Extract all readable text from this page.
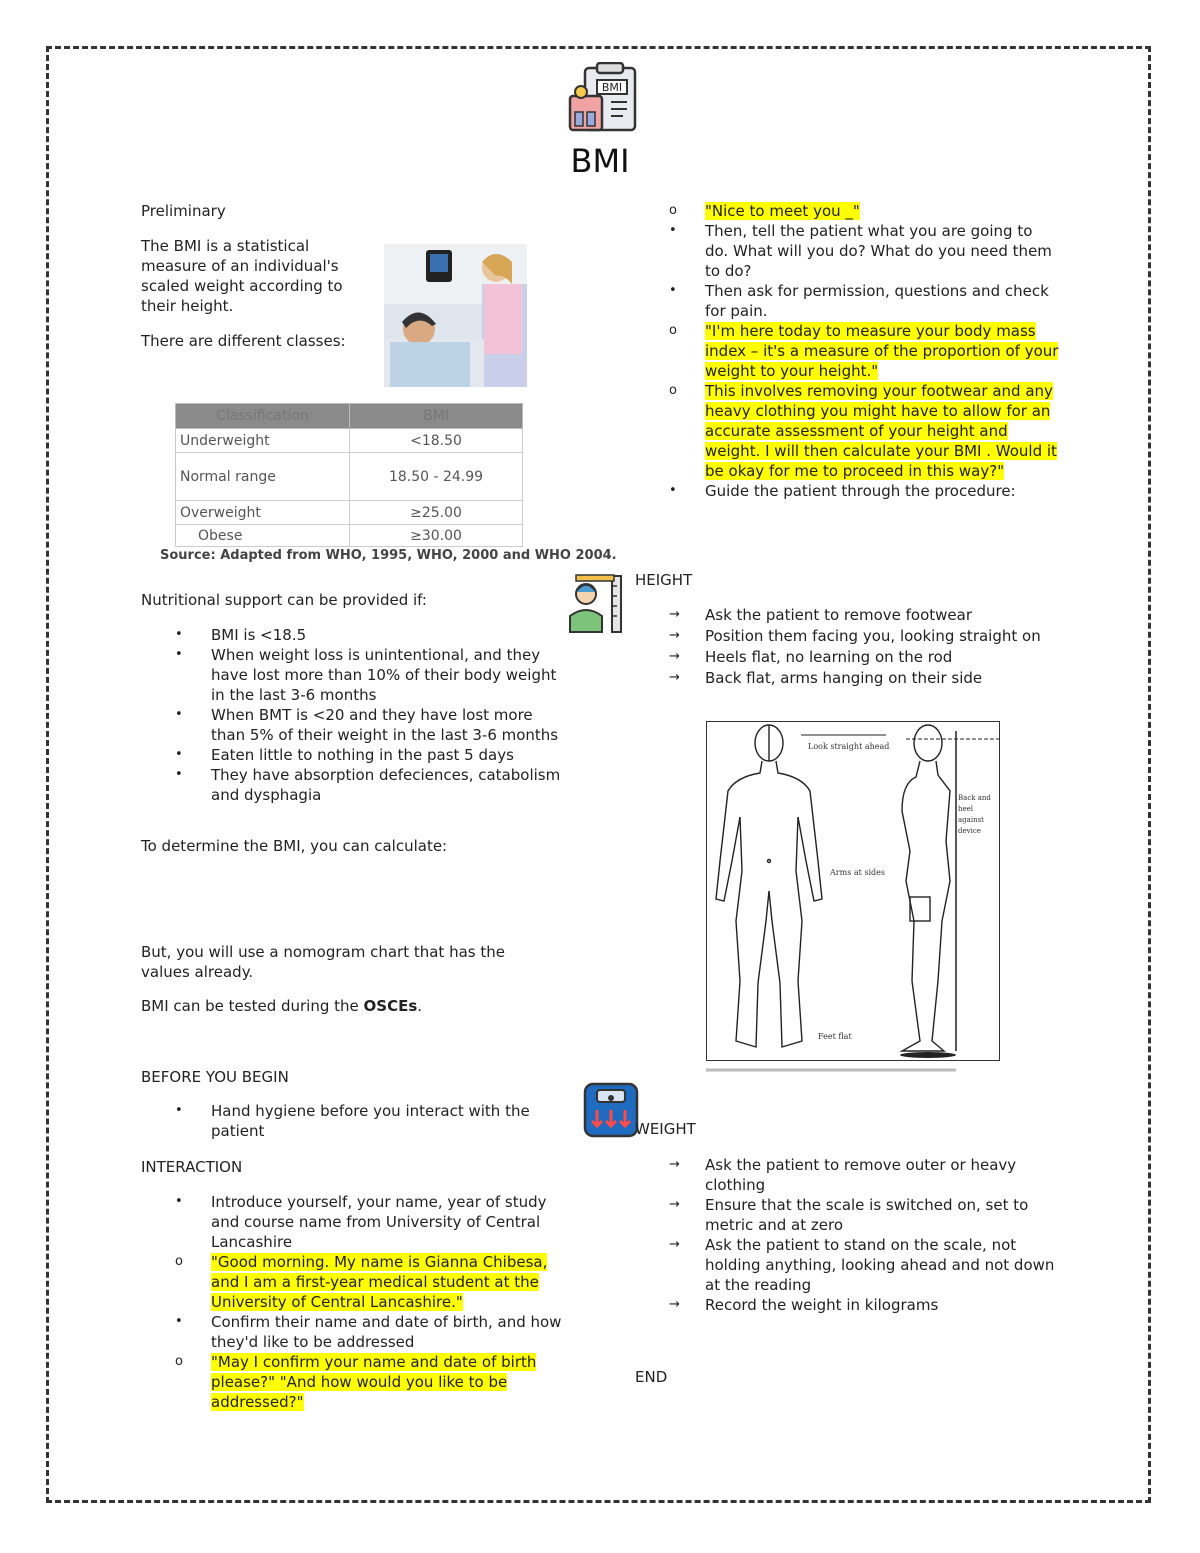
BMI
BMI

Preliminary

The BMI is a statistical measure of an individual's scaled weight according to their height.

There are different classes:

Classification	BMI
Underweight	<18.50
Normal range	18.50 - 24.99
Overweight	≥25.00
Obese	≥30.00
Source: Adapted from WHO, 1995, WHO, 2000 and WHO 2004.

Nutritional support can be provided if:

•	BMI is <18.5
•	When weight loss is unintentional, and they have lost more than 10% of their body weight in the last 3-6 months
•	When BMT is <20 and they have lost more than 5% of their weight in the last 3-6 months
•	Eaten little to nothing in the past 5 days
•	They have absorption defeciences, catabolism and dysphagia

To determine the BMI, you can calculate:

But, you will use a nomogram chart that has the values already.

BMI can be tested during the OSCEs.

BEFORE YOU BEGIN

•	Hand hygiene before you interact with the patient

INTERACTION

•	Introduce yourself, your name, year of study and course name from University of Central Lancashire
o	"Good morning. My name is Gianna Chibesa, and I am a first-year medical student at the University of Central Lancashire."
•	Confirm their name and date of birth, and how they'd like to be addressed
o	"May I confirm your name and date of birth please?" "And how would you like to be addressed?"
o	"Nice to meet you _"
•	Then, tell the patient what you are going to do. What will you do? What do you need them to do?
•	Then ask for permission, questions and check for pain.
o	"I'm here today to measure your body mass index – it's a measure of the proportion of your weight to your height."
o	This involves removing your footwear and any heavy clothing you might have to allow for an accurate assessment of your height and weight. I will then calculate your BMI . Would it be okay for me to proceed in this way?"
•	Guide the patient through the procedure:

HEIGHT

→	Ask the patient to remove footwear
→	Position them facing you, looking straight on
→	Heels flat, no learning on the rod
→	Back flat, arms hanging on their side
Look straight ahead
Arms at sides
Feet flat
Back and heel against device

WEIGHT

→	Ask the patient to remove outer or heavy clothing
→	Ensure that the scale is switched on, set to metric and at zero
→	Ask the patient to stand on the scale, not holding anything, looking ahead and not down at the reading
→	Record the weight in kilograms

END
